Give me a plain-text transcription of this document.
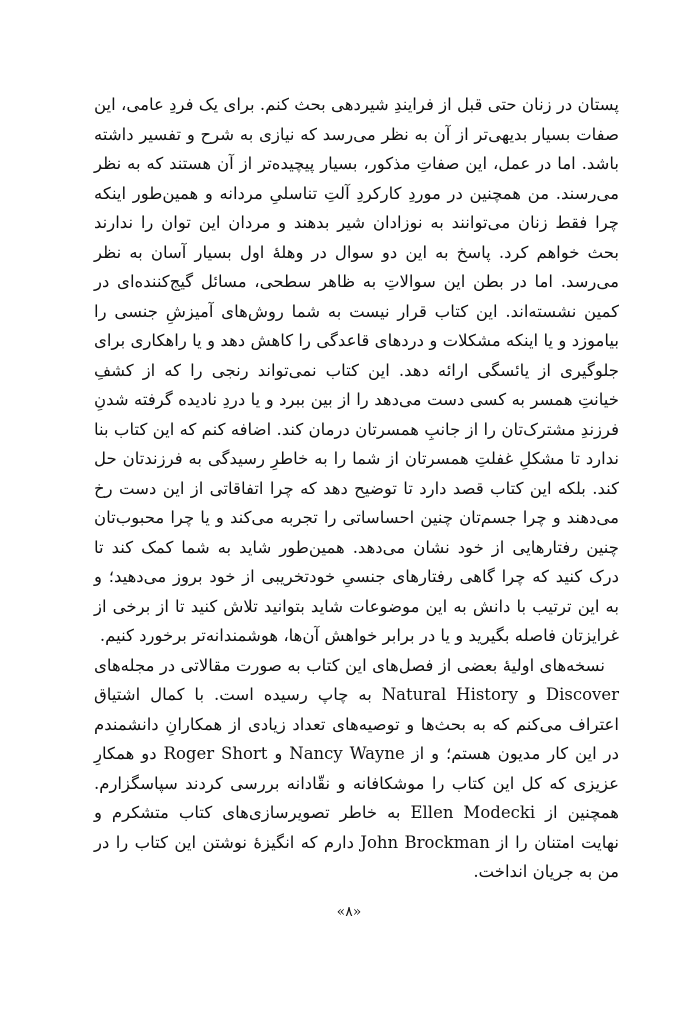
پستان در زنان حتی قبل از فرایندِ شیردهی بحث کنم. برای یک فردِ عامی، این صفات بسیار بدیهی‌تر از آن به نظر می‌رسد که نیازی به شرح و تفسیر داشته باشد. اما در عمل، این صفاتِ مذکور، بسیار پیچیده‌تر از آن هستند که به نظر می‌رسند. من همچنین در موردِ کارکردِ آلتِ تناسلیِ مردانه و همین‌طور اینکه چرا فقط زنان می‌توانند به نوزادان شیر بدهند و مردان این توان را ندارند بحث خواهم کرد. پاسخ به این دو سوال در وهلهٔ اول بسیار آسان به نظر می‌رسد. اما در بطن این سوالاتِ به ظاهر سطحی، مسائل گیج‌کننده‌ای در کمین نشسته‌اند. این کتاب قرار نیست به شما روش‌های آمیزشِ جنسی را بیاموزد و یا اینکه مشکلات و دردهای قاعدگی را کاهش دهد و یا راهکاری برای جلوگیری از یائسگی ارائه دهد. این کتاب نمی‌تواند رنجی را که از کشفِ خیانتِ همسر به کسی دست می‌دهد را از بین ببرد و یا دردِ نادیده گرفته شدنِ فرزندِ مشترک‌تان را از جانبِ همسرتان درمان کند. اضافه کنم که این کتاب بنا ندارد تا مشکلِ غفلتِ همسرتان از شما را به خاطرِ رسیدگی به فرزندتان حل کند. بلکه این کتاب قصد دارد تا توضیح دهد که چرا اتفاقاتی از این دست رخ می‌دهند و چرا جسم‌تان چنین احساساتی را تجربه می‌کند و یا چرا محبوب‌تان چنین رفتارهایی از خود نشان می‌دهد. همین‌طور شاید به شما کمک کند تا درک کنید که چرا گاهی رفتارهای جنسیِ خودتخریبی از خود بروز می‌دهید؛ و به این ترتیب با دانش به این موضوعات شاید بتوانید تلاش کنید تا از برخی از غرایزتان فاصله بگیرید و یا در برابر خواهش آن‌ها، هوشمندانه‌تر برخورد کنیم.

نسخه‌های اولیهٔ بعضی از فصل‌های این کتاب به صورت مقالاتی در مجله‌های Discover و Natural History به چاپ رسیده است. با کمال اشتیاق اعتراف می‌کنم که به بحث‌ها و توصیه‌های تعداد زیادی از همکارانِ دانشمندم در این کار مدیون هستم؛ و از Nancy Wayne و Roger Short دو همکارِ عزیزی که کل این کتاب را موشکافانه و نقّادانه بررسی کردند سپاسگزارم. همچنین از Ellen Modecki به خاطر تصویرسازی‌های کتاب متشکرم و نهایت امتنان را از John Brockman دارم که انگیزهٔ نوشتن این کتاب را در من به جریان انداخت.

«۸»
